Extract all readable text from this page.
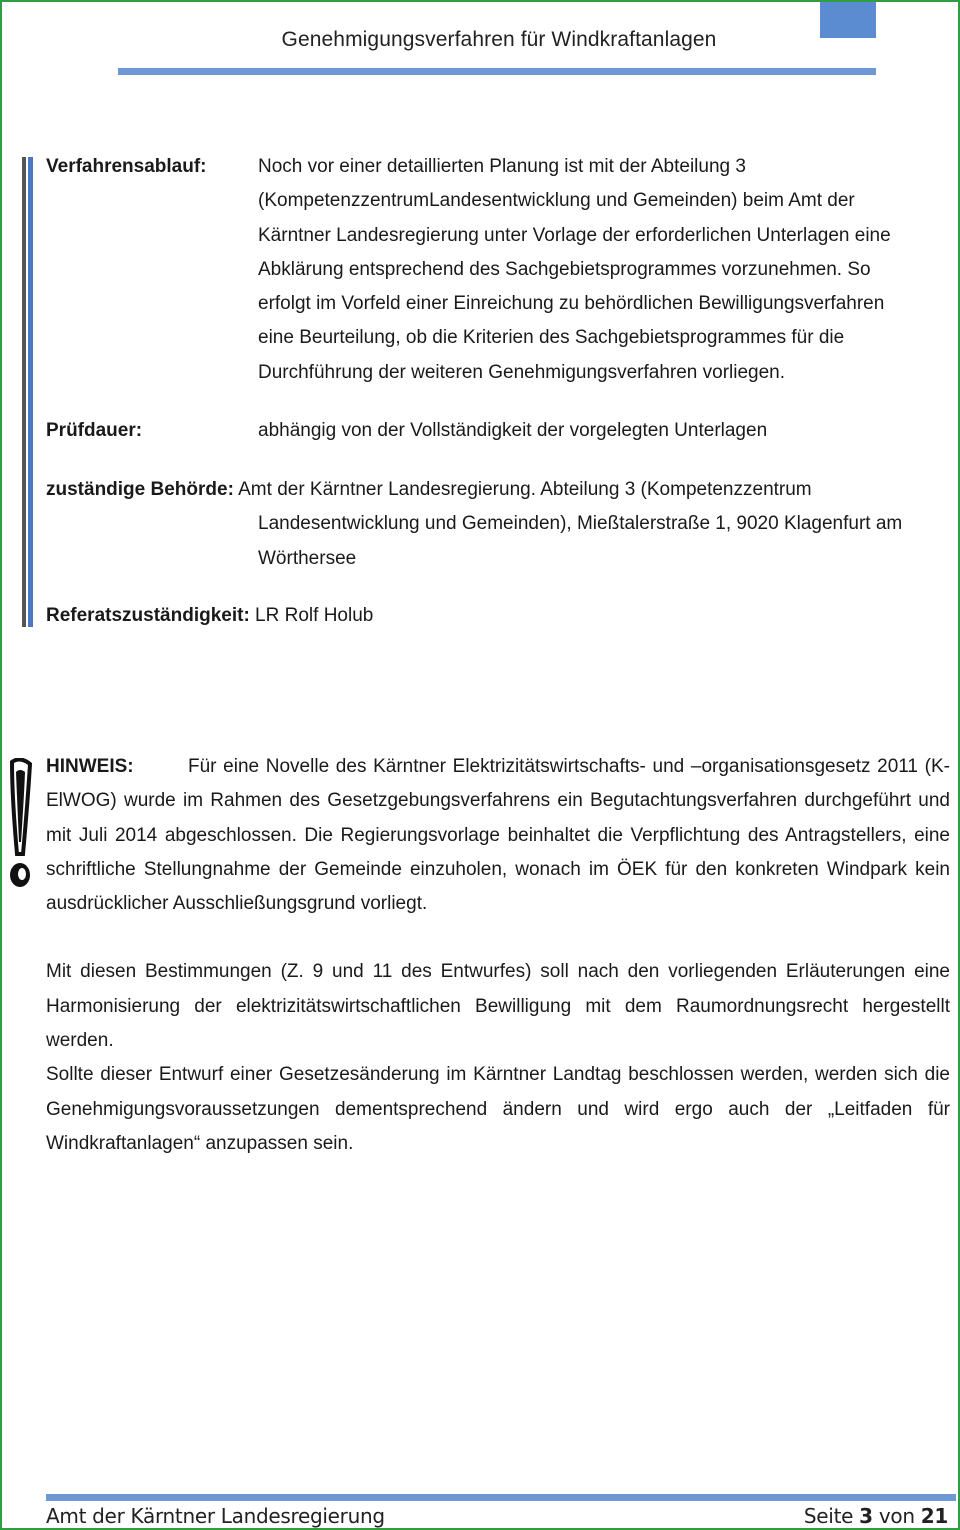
Genehmigungsverfahren für Windkraftanlagen
Verfahrensablauf:	Noch vor einer detaillierten Planung ist mit der Abteilung 3
(KompetenzzentrumLandesentwicklung und Gemeinden) beim Amt der
Kärntner Landesregierung unter Vorlage der erforderlichen Unterlagen eine
Abklärung entsprechend des Sachgebietsprogrammes vorzunehmen. So
erfolgt im Vorfeld einer Einreichung zu behördlichen Bewilligungsverfahren
eine Beurteilung, ob die Kriterien des Sachgebietsprogrammes für die
Durchführung der weiteren Genehmigungsverfahren vorliegen.
Prüfdauer:	abhängig von der Vollständigkeit der vorgelegten Unterlagen
zuständige Behörde: Amt der Kärntner Landesregierung. Abteilung 3 (Kompetenzzentrum
Landesentwicklung und Gemeinden), Mießtalerstraße 1, 9020 Klagenfurt am
Wörthersee
Referatszuständigkeit: LR Rolf Holub

HINWEIS:	Für eine Novelle des Kärntner Elektrizitätswirtschafts- und –organisationsgesetz 2011 (K-ElWOG) wurde im Rahmen des Gesetzgebungsverfahrens ein Begutachtungsverfahren durchgeführt und mit Juli 2014 abgeschlossen. Die Regierungsvorlage beinhaltet die Verpflichtung des Antragstellers, eine schriftliche Stellungnahme der Gemeinde einzuholen, wonach im ÖEK für den konkreten Windpark kein ausdrücklicher Ausschließungsgrund vorliegt.

Mit diesen Bestimmungen (Z. 9 und 11 des Entwurfes) soll nach den vorliegenden Erläuterungen eine Harmonisierung der elektrizitätswirtschaftlichen Bewilligung mit dem Raumordnungsrecht hergestellt werden.

Sollte dieser Entwurf einer Gesetzesänderung im Kärntner Landtag beschlossen werden, werden sich die Genehmigungsvoraussetzungen dementsprechend ändern und wird ergo auch der „Leitfaden für Windkraftanlagen“ anzupassen sein.

Amt der Kärntner Landesregierung	Seite 3 von 21
